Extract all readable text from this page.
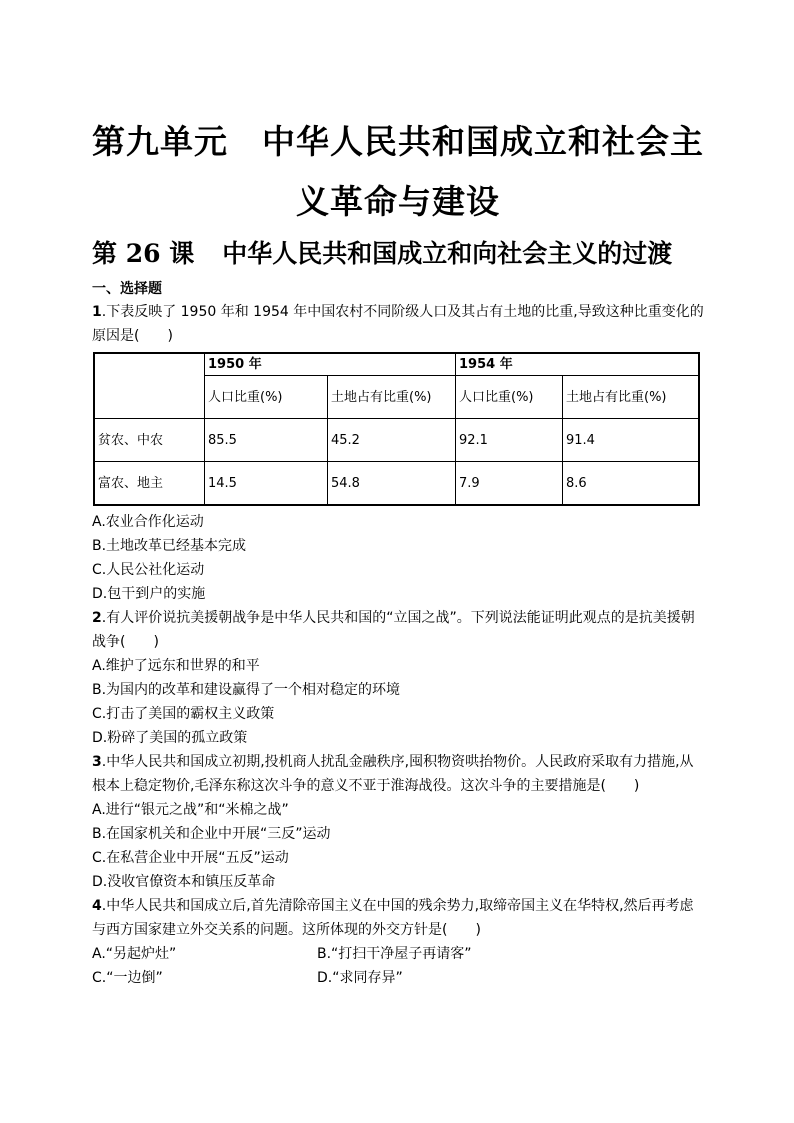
第九单元 中华人民共和国成立和社会主
义革命与建设
第 26 课 中华人民共和国成立和向社会主义的过渡
一、选择题
1.下表反映了 1950 年和 1954 年中国农村不同阶级人口及其占有土地的比重,导致这种比重变化的原因是(　　)
	1950 年		1954 年	
	人口比重(%)	土地占有比重(%)	人口比重(%)	土地占有比重(%)
贫农、中农	85.5	45.2	92.1	91.4
富农、地主	14.5	54.8	7.9	8.6
A.农业合作化运动
B.土地改革已经基本完成
C.人民公社化运动
D.包干到户的实施
2.有人评价说抗美援朝战争是中华人民共和国的“立国之战”。下列说法能证明此观点的是抗美援朝战争(　　)
A.维护了远东和世界的和平
B.为国内的改革和建设赢得了一个相对稳定的环境
C.打击了美国的霸权主义政策
D.粉碎了美国的孤立政策
3.中华人民共和国成立初期,投机商人扰乱金融秩序,囤积物资哄抬物价。人民政府采取有力措施,从根本上稳定物价,毛泽东称这次斗争的意义不亚于淮海战役。这次斗争的主要措施是(　　)
A.进行“银元之战”和“米棉之战”
B.在国家机关和企业中开展“三反”运动
C.在私营企业中开展“五反”运动
D.没收官僚资本和镇压反革命
4.中华人民共和国成立后,首先清除帝国主义在中国的残余势力,取缔帝国主义在华特权,然后再考虑与西方国家建立外交关系的问题。这所体现的外交方针是(　　)
A.“另起炉灶”	B.“打扫干净屋子再请客”
C.“一边倒”	D.“求同存异”
